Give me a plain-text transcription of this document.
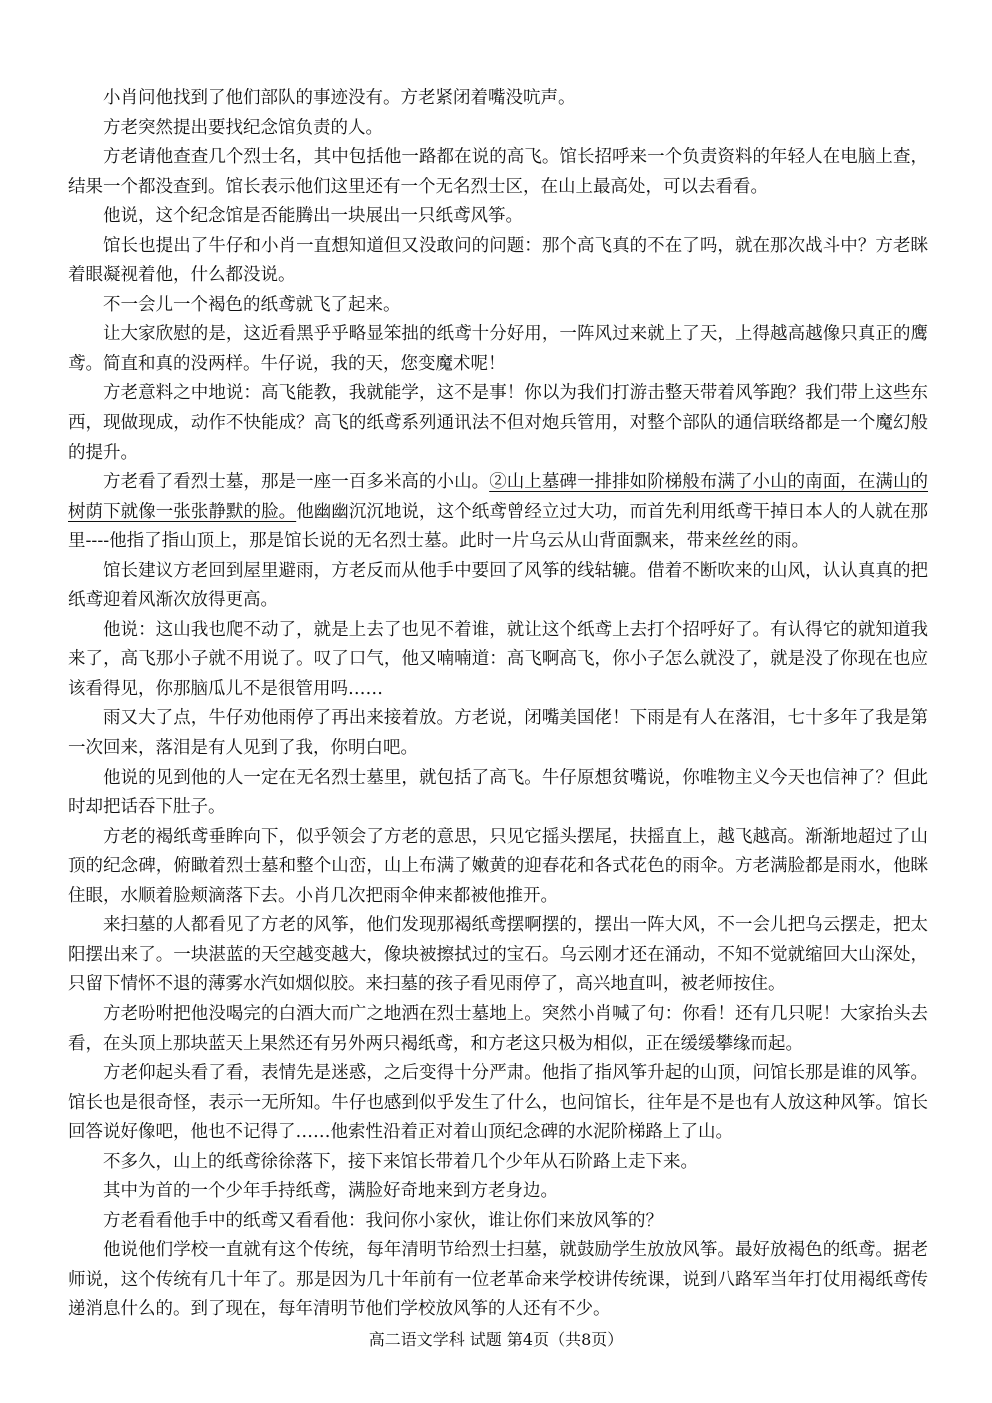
小肖问他找到了他们部队的事迹没有。方老紧闭着嘴没吭声。

方老突然提出要找纪念馆负责的人。

方老请他查查几个烈士名，其中包括他一路都在说的高飞。馆长招呼来一个负责资料的年轻人在电脑上查，结果一个都没查到。馆长表示他们这里还有一个无名烈士区，在山上最高处，可以去看看。

他说，这个纪念馆是否能腾出一块展出一只纸鸢风筝。

馆长也提出了牛仔和小肖一直想知道但又没敢问的问题：那个高飞真的不在了吗，就在那次战斗中？方老眯着眼凝视着他，什么都没说。

不一会儿一个褐色的纸鸢就飞了起来。

让大家欣慰的是，这近看黑乎乎略显笨拙的纸鸢十分好用，一阵风过来就上了天，上得越高越像只真正的鹰鸢。简直和真的没两样。牛仔说，我的天，您变魔术呢！

方老意料之中地说：高飞能教，我就能学，这不是事！你以为我们打游击整天带着风筝跑？我们带上这些东西，现做现成，动作不快能成？高飞的纸鸢系列通讯法不但对炮兵管用，对整个部队的通信联络都是一个魔幻般的提升。

方老看了看烈士墓，那是一座一百多米高的小山。②山上墓碑一排排如阶梯般布满了小山的南面，在满山的树荫下就像一张张静默的脸。他幽幽沉沉地说，这个纸鸢曾经立过大功，而首先利用纸鸢干掉日本人的人就在那里----他指了指山顶上，那是馆长说的无名烈士墓。此时一片乌云从山背面飘来，带来丝丝的雨。

馆长建议方老回到屋里避雨，方老反而从他手中要回了风筝的线轱辘。借着不断吹来的山风，认认真真的把纸鸢迎着风渐次放得更高。

他说：这山我也爬不动了，就是上去了也见不着谁，就让这个纸鸢上去打个招呼好了。有认得它的就知道我来了，高飞那小子就不用说了。叹了口气，他又喃喃道：高飞啊高飞，你小子怎么就没了，就是没了你现在也应该看得见，你那脑瓜儿不是很管用吗……

雨又大了点，牛仔劝他雨停了再出来接着放。方老说，闭嘴美国佬！下雨是有人在落泪，七十多年了我是第一次回来，落泪是有人见到了我，你明白吧。

他说的见到他的人一定在无名烈士墓里，就包括了高飞。牛仔原想贫嘴说，你唯物主义今天也信神了？但此时却把话吞下肚子。

方老的褐纸鸢垂眸向下，似乎领会了方老的意思，只见它摇头摆尾，扶摇直上，越飞越高。渐渐地超过了山顶的纪念碑，俯瞰着烈士墓和整个山峦，山上布满了嫩黄的迎春花和各式花色的雨伞。方老满脸都是雨水，他眯住眼，水顺着脸颊滴落下去。小肖几次把雨伞伸来都被他推开。

来扫墓的人都看见了方老的风筝，他们发现那褐纸鸢摆啊摆的，摆出一阵大风，不一会儿把乌云摆走，把太阳摆出来了。一块湛蓝的天空越变越大，像块被擦拭过的宝石。乌云刚才还在涌动，不知不觉就缩回大山深处，只留下情怀不退的薄雾水汽如烟似胶。来扫墓的孩子看见雨停了，高兴地直叫，被老师按住。

方老吩咐把他没喝完的白酒大而广之地洒在烈士墓地上。突然小肖喊了句：你看！还有几只呢！大家抬头去看，在头顶上那块蓝天上果然还有另外两只褐纸鸢，和方老这只极为相似，正在缓缓攀缘而起。

方老仰起头看了看，表情先是迷惑，之后变得十分严肃。他指了指风筝升起的山顶，问馆长那是谁的风筝。馆长也是很奇怪，表示一无所知。牛仔也感到似乎发生了什么，也问馆长，往年是不是也有人放这种风筝。馆长回答说好像吧，他也不记得了……他索性沿着正对着山顶纪念碑的水泥阶梯路上了山。

不多久，山上的纸鸢徐徐落下，接下来馆长带着几个少年从石阶路上走下来。

其中为首的一个少年手持纸鸢，满脸好奇地来到方老身边。

方老看看他手中的纸鸢又看看他：我问你小家伙，谁让你们来放风筝的？

他说他们学校一直就有这个传统，每年清明节给烈士扫墓，就鼓励学生放放风筝。最好放褐色的纸鸢。据老师说，这个传统有几十年了。那是因为几十年前有一位老革命来学校讲传统课，说到八路军当年打仗用褐纸鸢传递消息什么的。到了现在，每年清明节他们学校放风筝的人还有不少。

高二语文学科 试题 第4页（共8页）
